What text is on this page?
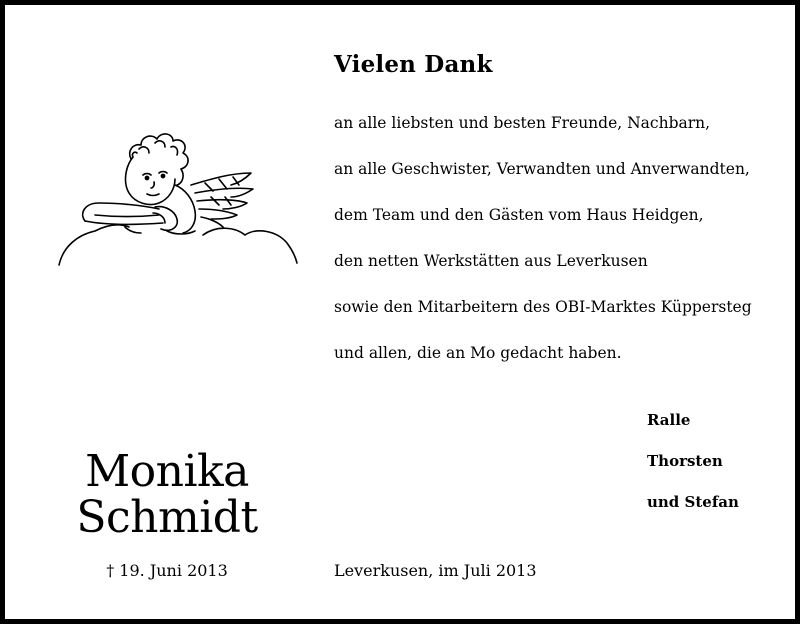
Vielen Dank
an alle liebsten und besten Freunde, Nachbarn,
an alle Geschwister, Verwandten und Anverwandten,
dem Team und den Gästen vom Haus Heidgen,
den netten Werkstätten aus Leverkusen
sowie den Mitarbeitern des OBI-Marktes Küppersteg
und allen, die an Mo gedacht haben.
Ralle
Thorsten
und Stefan
Monika
Schmidt
† 19. Juni 2013	Leverkusen, im Juli 2013
